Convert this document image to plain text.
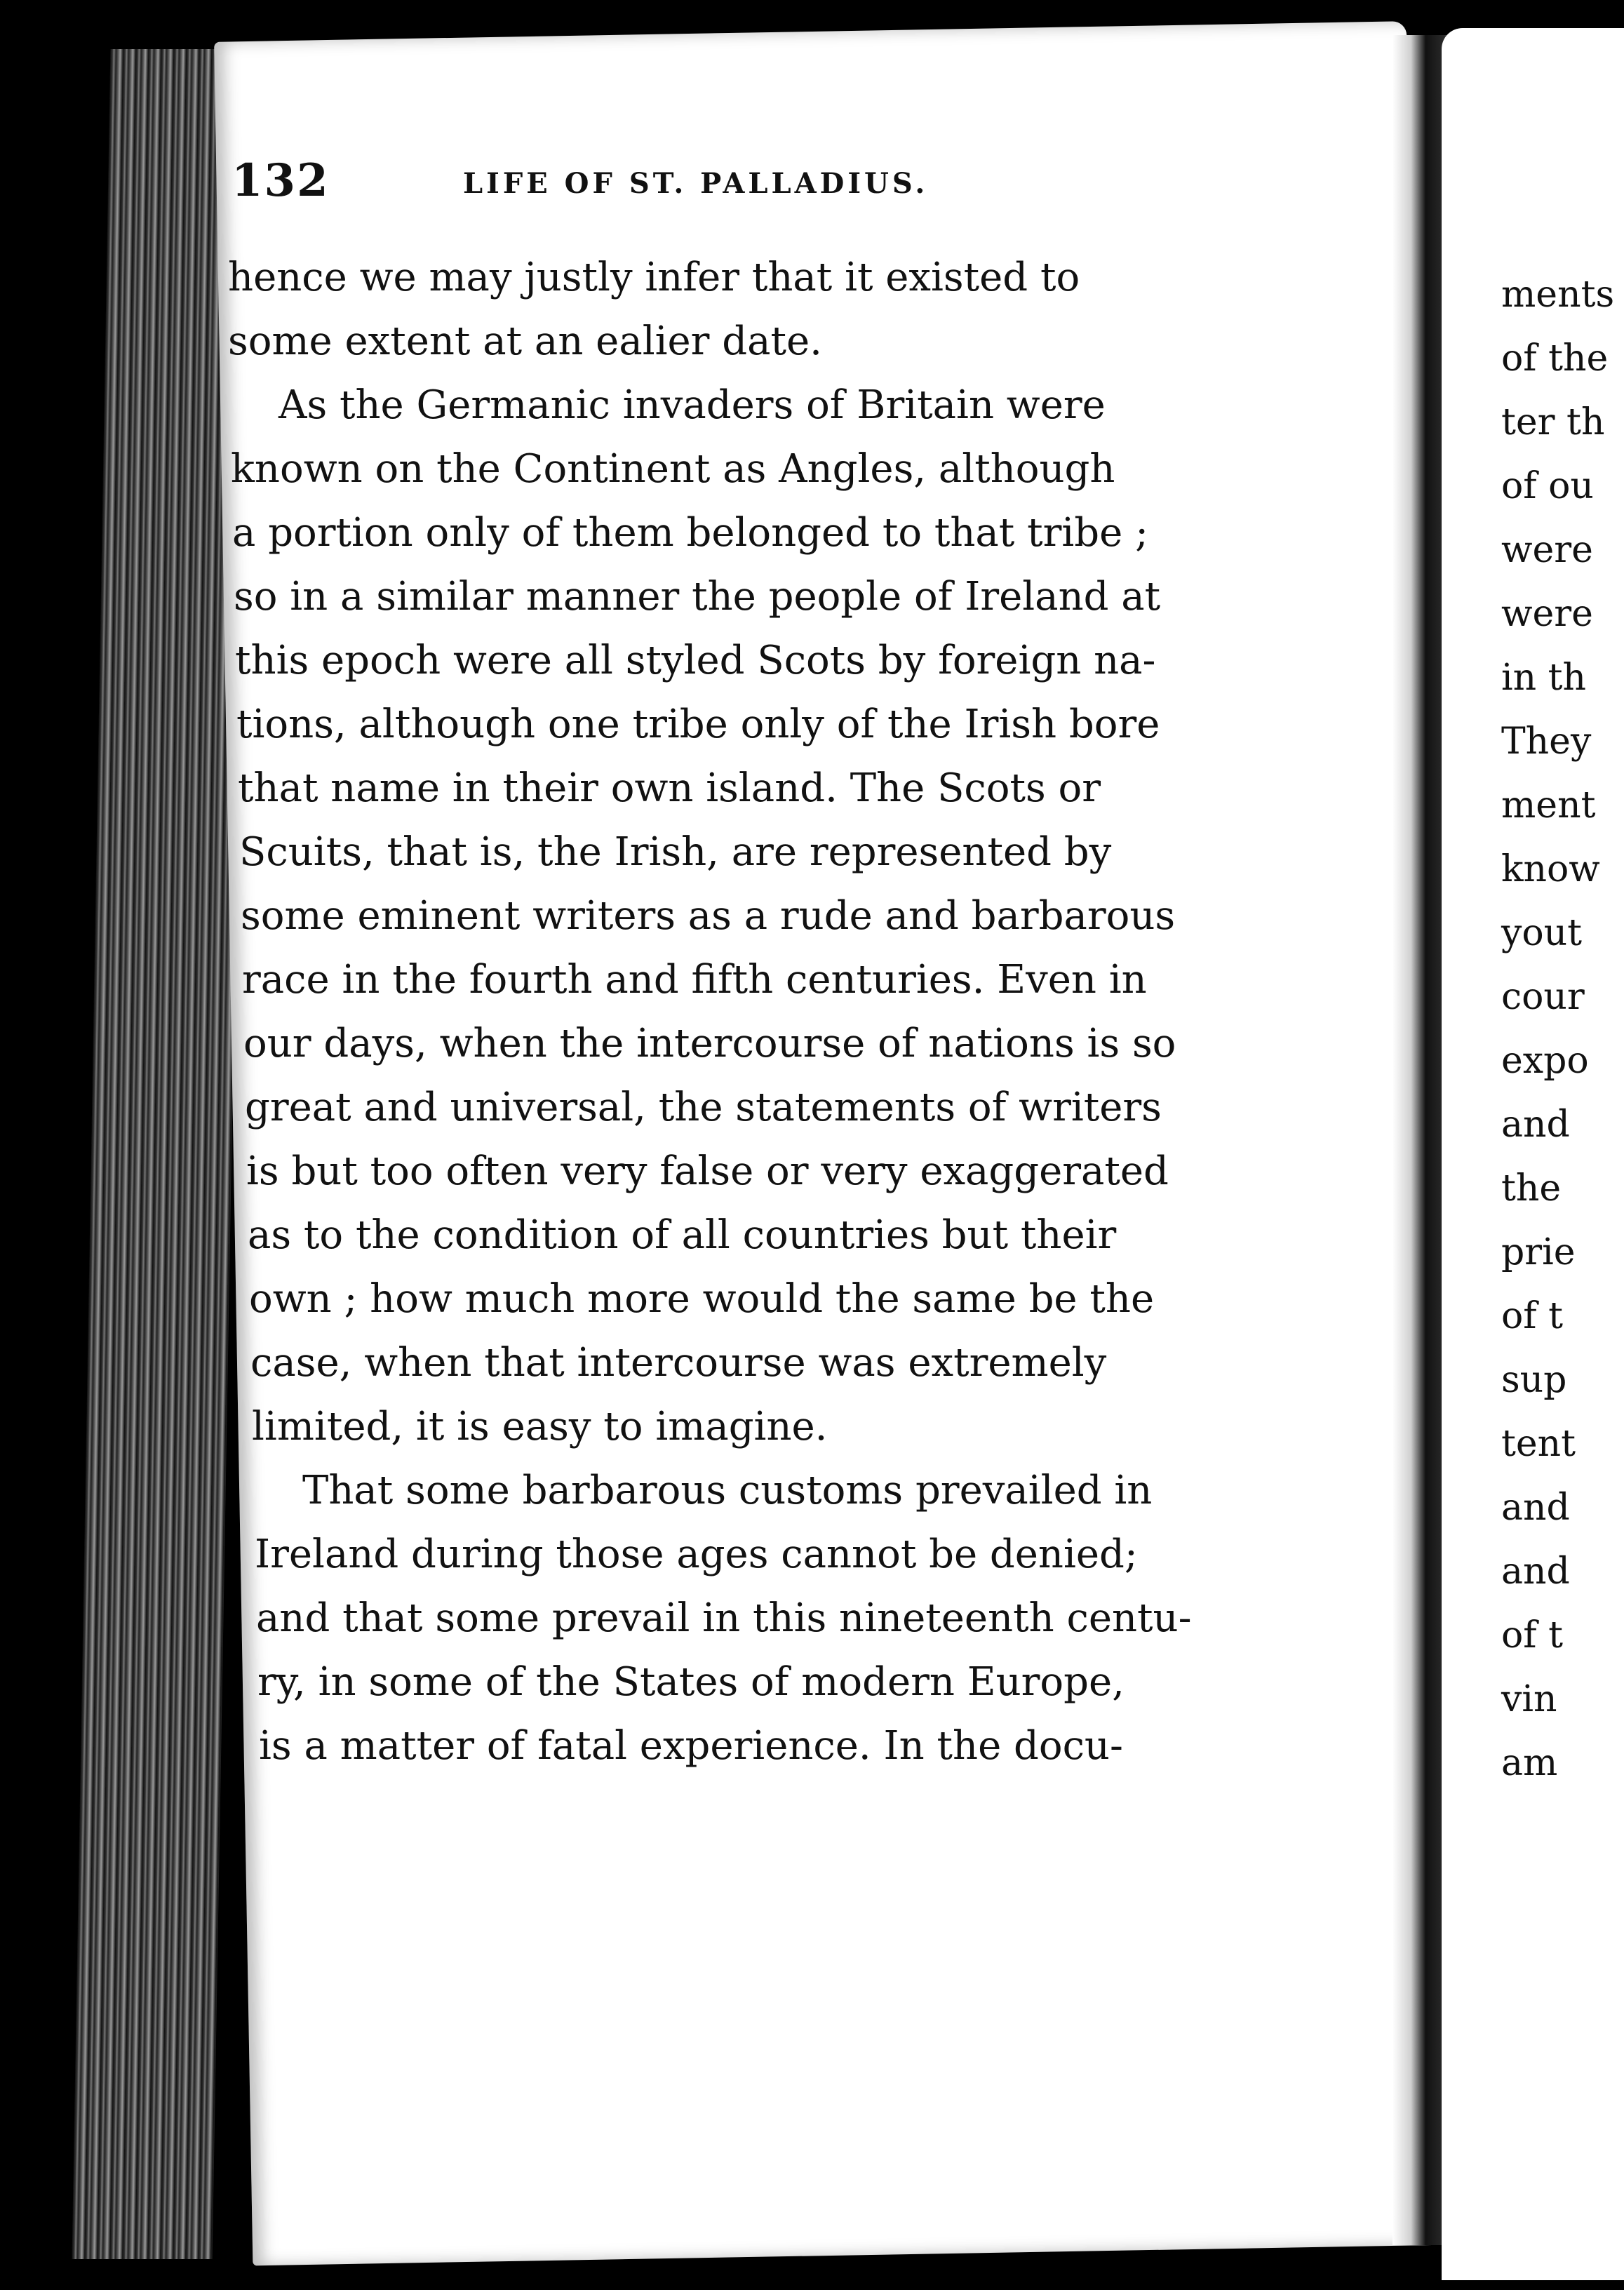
132	LIFE OF ST. PALLADIUS.
hence we may justly infer that it existed to
some extent at an ealier date.
As the Germanic invaders of Britain were
known on the Continent as Angles, although
a portion only of them belonged to that tribe ;
so in a similar manner the people of Ireland at
this epoch were all styled Scots by foreign na-
tions, although one tribe only of the Irish bore
that name in their own island. The Scots or
Scuits, that is, the Irish, are represented by
some eminent writers as a rude and barbarous
race in the fourth and fifth centuries. Even in
our days, when the intercourse of nations is so
great and universal, the statements of writers
is but too often very false or very exaggerated
as to the condition of all countries but their
own ; how much more would the same be the
case, when that intercourse was extremely
limited, it is easy to imagine.
That some barbarous customs prevailed in
Ireland during those ages cannot be denied;
and that some prevail in this nineteenth centu-
ry, in some of the States of modern Europe,
is a matter of fatal experience. In the docu-
ments
of the
ter th
of ou
were
were
in th
They
ment
know
yout
cour
expo
and
the
prie
of t
sup
tent
and
and
of t
vin
am
